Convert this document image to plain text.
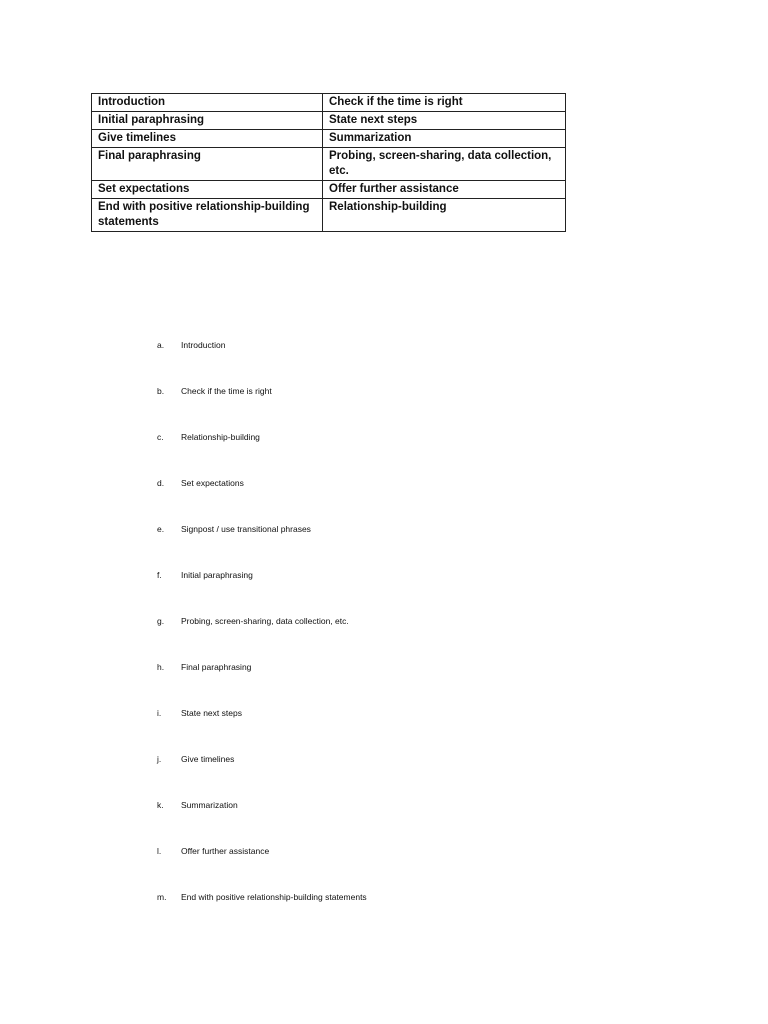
Introduction	Check if the time is right
Initial paraphrasing	State next steps
Give timelines	Summarization
Final paraphrasing	Probing, screen-sharing, data collection, etc.
Set expectations	Offer further assistance
End with positive relationship-building statements	Relationship-building
a.	Introduction
b.	Check if the time is right
c.	Relationship-building
d.	Set expectations
e.	Signpost / use transitional phrases
f.	Initial paraphrasing
g.	Probing, screen-sharing, data collection, etc.
h.	Final paraphrasing
i.	State next steps
j.	Give timelines
k.	Summarization
l.	Offer further assistance
m.	End with positive relationship-building statements
